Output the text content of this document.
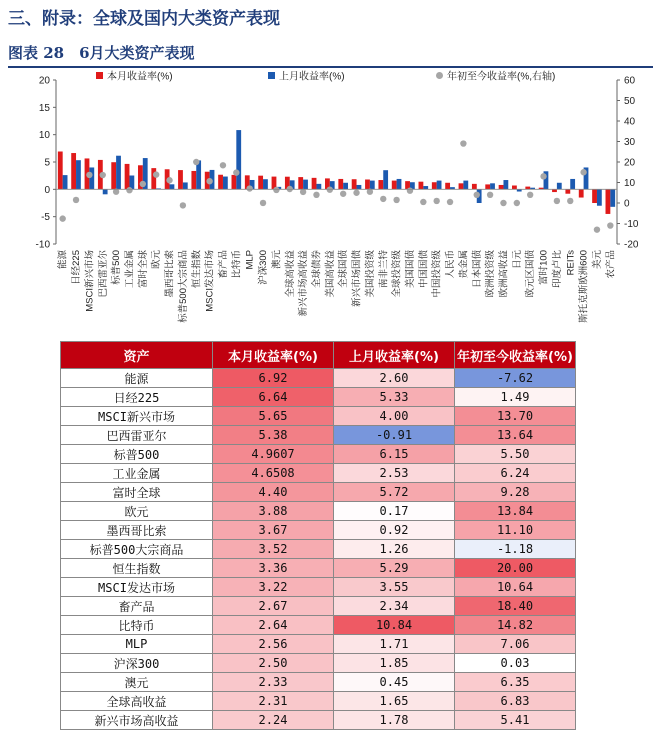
三、附录：全球及国内大类资产表现
图表 28　6月大类资产表现
本月收益率(%)	上月收益率(%)	年初至今收益率(%,右轴)
20
15
10
5
0
-5
-10
60
50
40
30
20
10
0
-10
-20
能源 日经225 MSCI新兴市场 巴西雷亚尔 标普500 工业金属 富时全球 欧元 墨西哥比索 标普500大宗商品 恒生指数 MSCI发达市场 畜产品 比特币 MLP 沪深300 澳元 全球高收益 新兴市场高收益 全球债券 美国高收益 全球国债 新兴市场国债 美国投资级 南非兰特 全球投资级 美国国债 中国国债 中国投资级 人民币 贵金属 日本国债 欧洲投资级 欧洲高收益 日元 欧元区国债 富时100 印度卢比 REITs 斯托克斯欧洲600 美元 农产品
资产	本月收益率(%)	上月收益率(%)	年初至今收益率(%)
能源	6.92	2.60	-7.62
日经225	6.64	5.33	1.49
MSCI新兴市场	5.65	4.00	13.70
巴西雷亚尔	5.38	-0.91	13.64
标普500	4.9607	6.15	5.50
工业金属	4.6508	2.53	6.24
富时全球	4.40	5.72	9.28
欧元	3.88	0.17	13.84
墨西哥比索	3.67	0.92	11.10
标普500大宗商品	3.52	1.26	-1.18
恒生指数	3.36	5.29	20.00
MSCI发达市场	3.22	3.55	10.64
畜产品	2.67	2.34	18.40
比特币	2.64	10.84	14.82
MLP	2.56	1.71	7.06
沪深300	2.50	1.85	0.03
澳元	2.33	0.45	6.35
全球高收益	2.31	1.65	6.83
新兴市场高收益	2.24	1.78	5.41
